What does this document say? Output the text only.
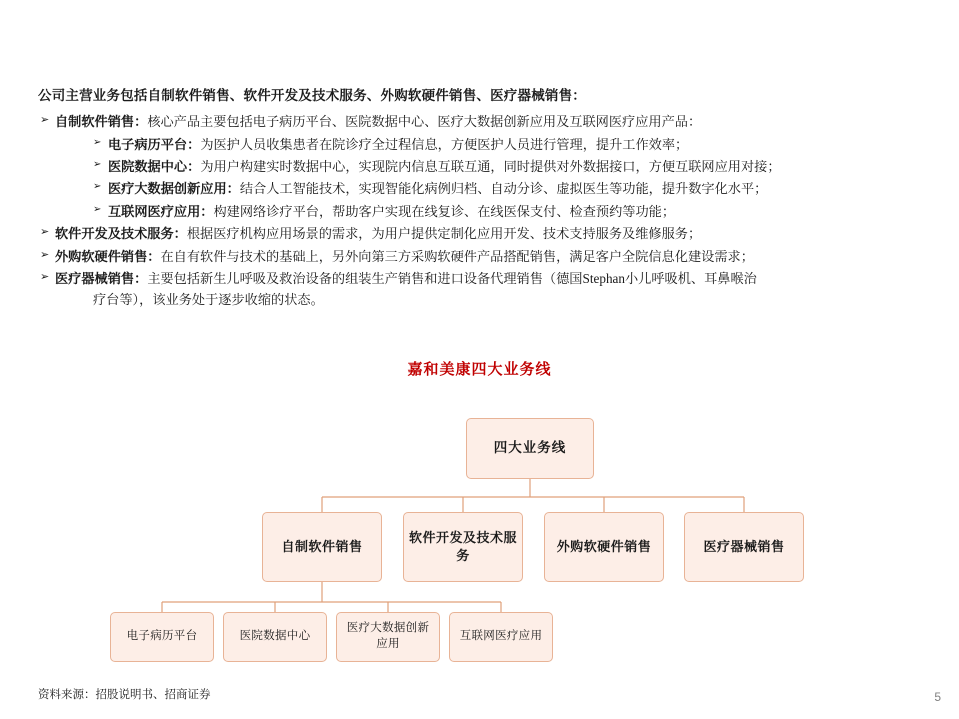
公司主营业务包括自制软件销售、软件开发及技术服务、外购软硬件销售、医疗器械销售：
➢ 自制软件销售：核心产品主要包括电子病历平台、医院数据中心、医疗大数据创新应用及互联网医疗应用产品：
➢ 电子病历平台：为医护人员收集患者在院诊疗全过程信息，方便医护人员进行管理，提升工作效率；
➢ 医院数据中心：为用户构建实时数据中心，实现院内信息互联互通，同时提供对外数据接口，方便互联网应用对接；
➢ 医疗大数据创新应用：结合人工智能技术，实现智能化病例归档、自动分诊、虚拟医生等功能，提升数字化水平；
➢ 互联网医疗应用：构建网络诊疗平台，帮助客户实现在线复诊、在线医保支付、检查预约等功能；
➢ 软件开发及技术服务：根据医疗机构应用场景的需求，为用户提供定制化应用开发、技术支持服务及维修服务；
➢ 外购软硬件销售：在自有软件与技术的基础上，另外向第三方采购软硬件产品搭配销售，满足客户全院信息化建设需求；
➢ 医疗器械销售：主要包括新生儿呼吸及救治设备的组装生产销售和进口设备代理销售（德国Stephan小儿呼吸机、耳鼻喉治
疗台等），该业务处于逐步收缩的状态。
嘉和美康四大业务线
四大业务线
自制软件销售
软件开发及技术服务
外购软硬件销售	医疗器械销售
电子病历平台	医院数据中心
医疗大数据创新应用
互联网医疗应用
资料来源：招股说明书、招商证券	5
